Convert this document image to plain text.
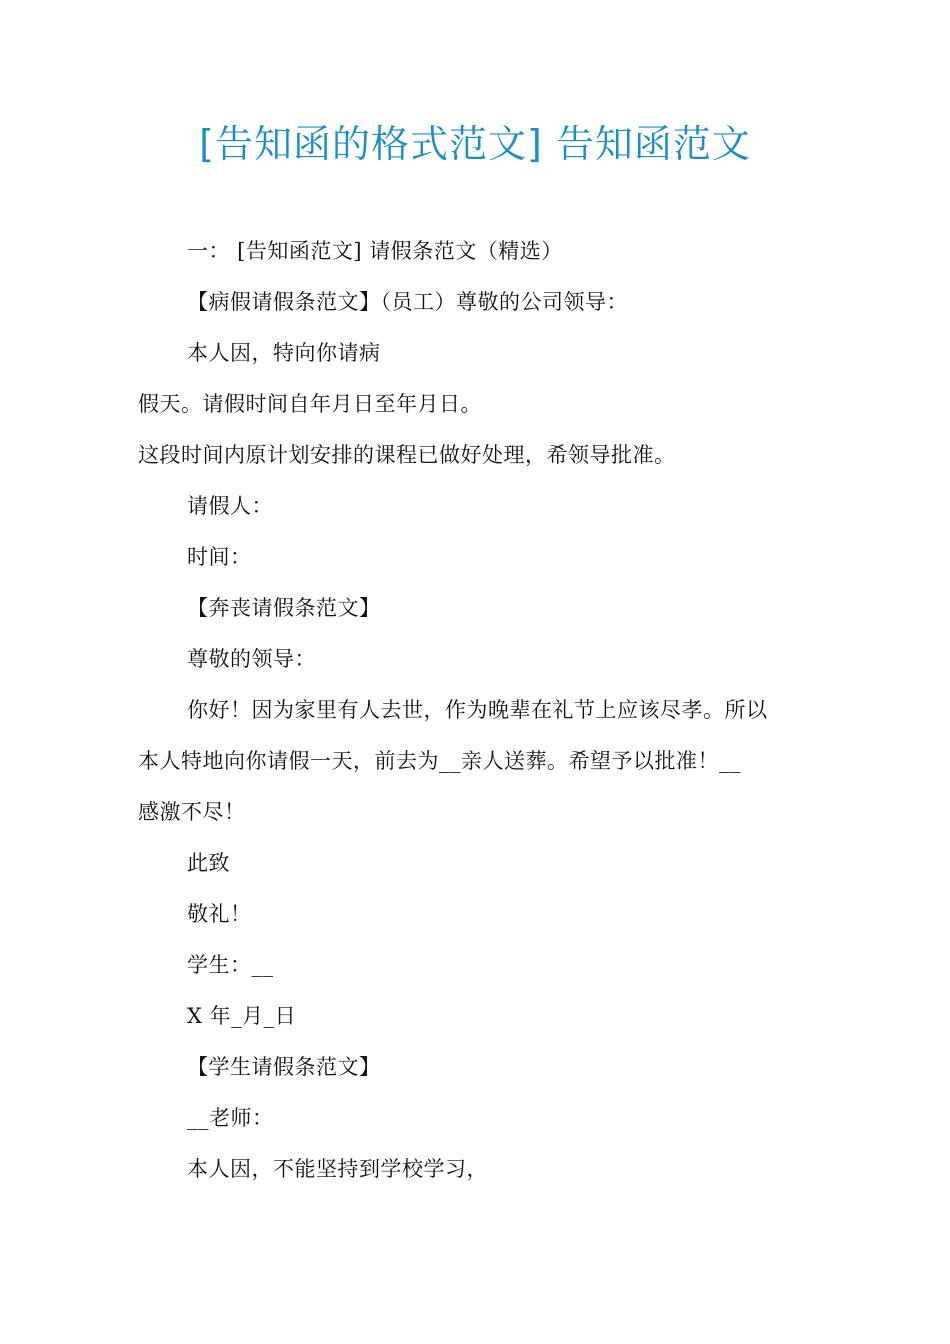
[告知函的格式范文] 告知函范文
一： [告知函范文] 请假条范文（精选）
【病假请假条范文】（员工）尊敬的公司领导：
本人因，特向你请病
假天。请假时间自年月日至年月日。
这段时间内原计划安排的课程已做好处理，希领导批准。
请假人：
时间：
【奔丧请假条范文】
尊敬的领导：
你好！因为家里有人去世，作为晚辈在礼节上应该尽孝。所以
本人特地向你请假一天，前去为__亲人送葬。希望予以批准！__
感激不尽！
此致
敬礼！
学生：__
X 年_月_日
【学生请假条范文】
__老师：
本人因，不能坚持到学校学习，
